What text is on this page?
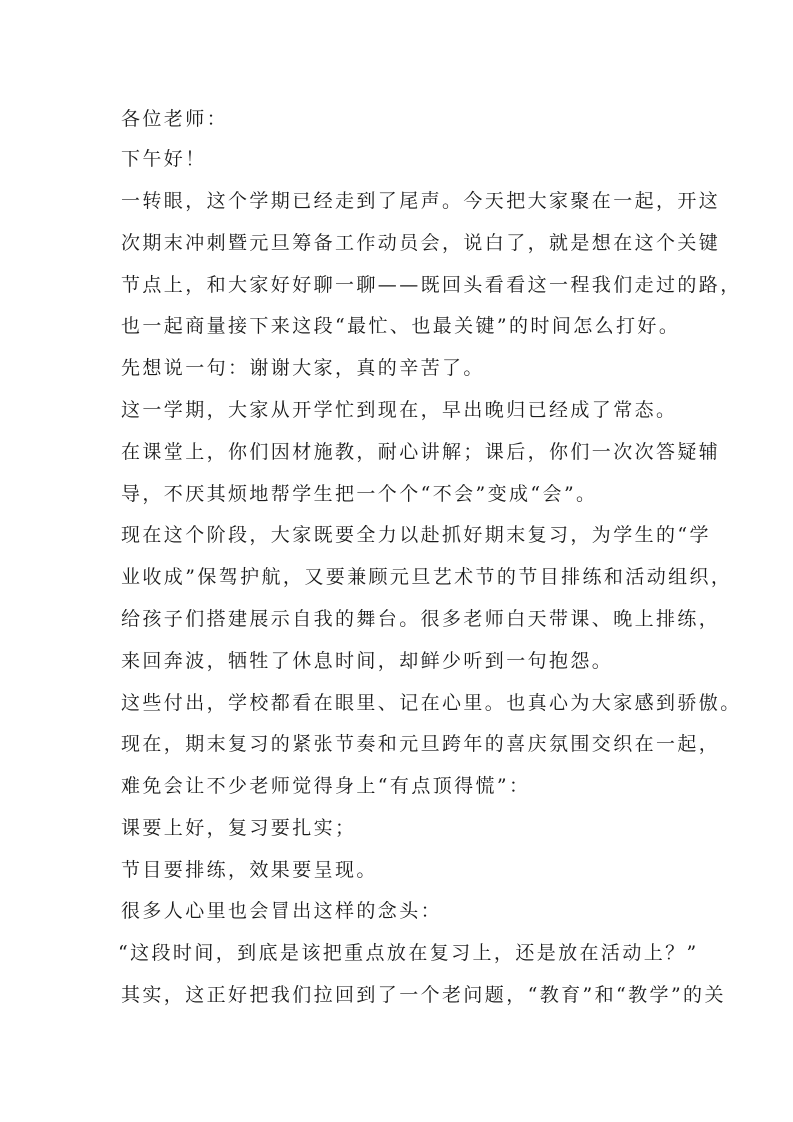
各位老师：
下午好！
一转眼，这个学期已经走到了尾声。今天把大家聚在一起，开这
次期末冲刺暨元旦筹备工作动员会，说白了，就是想在这个关键
节点上，和大家好好聊一聊——既回头看看这一程我们走过的路，
也一起商量接下来这段“最忙、也最关键”的时间怎么打好。
先想说一句：谢谢大家，真的辛苦了。
这一学期，大家从开学忙到现在，早出晚归已经成了常态。
在课堂上，你们因材施教，耐心讲解；课后，你们一次次答疑辅
导，不厌其烦地帮学生把一个个“不会”变成“会”。
现在这个阶段，大家既要全力以赴抓好期末复习，为学生的“学
业收成”保驾护航，又要兼顾元旦艺术节的节目排练和活动组织，
给孩子们搭建展示自我的舞台。很多老师白天带课、晚上排练，
来回奔波，牺牲了休息时间，却鲜少听到一句抱怨。
这些付出，学校都看在眼里、记在心里。也真心为大家感到骄傲。
现在，期末复习的紧张节奏和元旦跨年的喜庆氛围交织在一起，
难免会让不少老师觉得身上“有点顶得慌”：
课要上好，复习要扎实；
节目要排练，效果要呈现。
很多人心里也会冒出这样的念头：
“这段时间，到底是该把重点放在复习上，还是放在活动上？”
其实，这正好把我们拉回到了一个老问题，“教育”和“教学”的关
